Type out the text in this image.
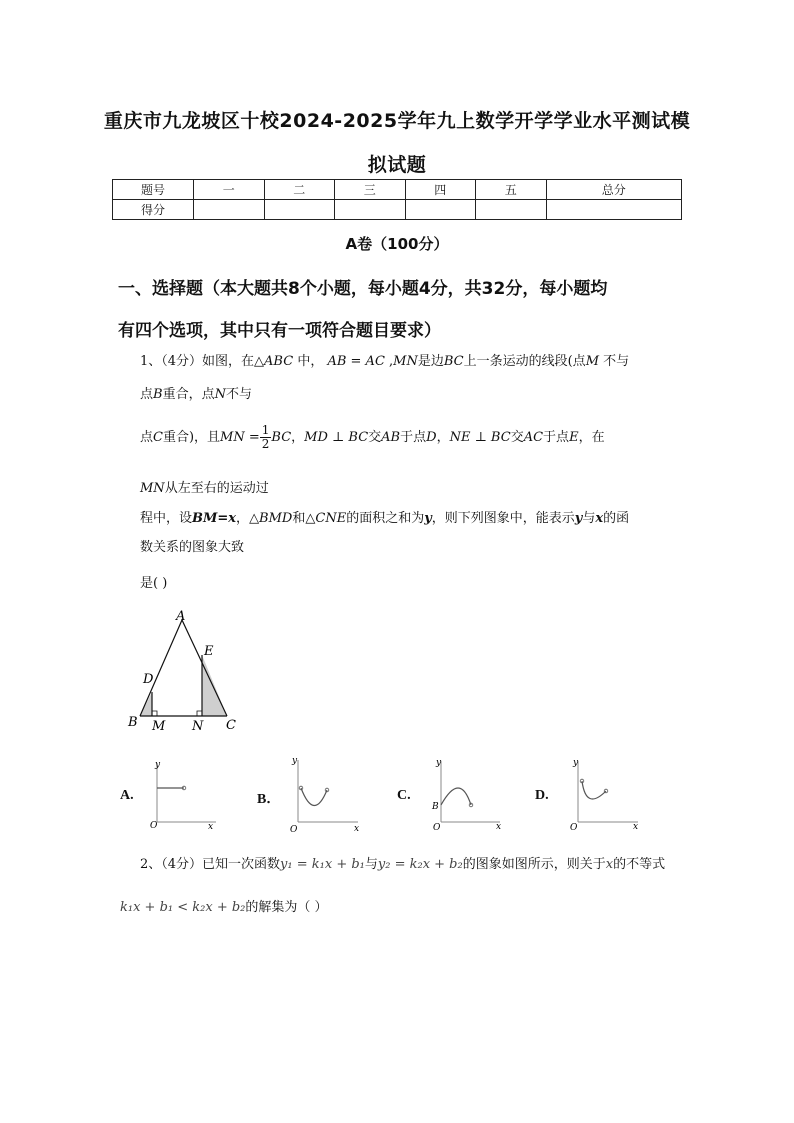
重庆市九龙坡区十校2024-2025学年九上数学开学学业水平测试模
拟试题
题号	一	二	三	四	五	总分
得分						
A卷（100分）
一、选择题（本大题共8个小题，每小题4分，共32分，每小题均
有四个选项，其中只有一项符合题目要求）
1、（4分）如图，在△ABC 中， AB = AC ,MN是边BC上一条运动的线段(点M 不与
点B重合，点N不与
点C重合)，且MN = $\frac{1}{2}$ BC，MD ⊥ BC交AB于点D，NE ⊥ BC交AC于点E，在
MN从左至右的运动过
程中，设BM=x，△BMD和△CNE的面积之和为y，则下列图象中，能表示y与x的函
数关系的图象大致
是( )
A
B	C
D
E
M N
A.
y
O	x
B．
y
O	x
C.
y
B
O	x
D.
y
O	x
2、（4分）已知一次函数y₁ = k₁x + b₁与y₂ = k₂x + b₂的图象如图所示，则关于x的不等式
k₁x + b₁ < k₂x + b₂的解集为（ ）
